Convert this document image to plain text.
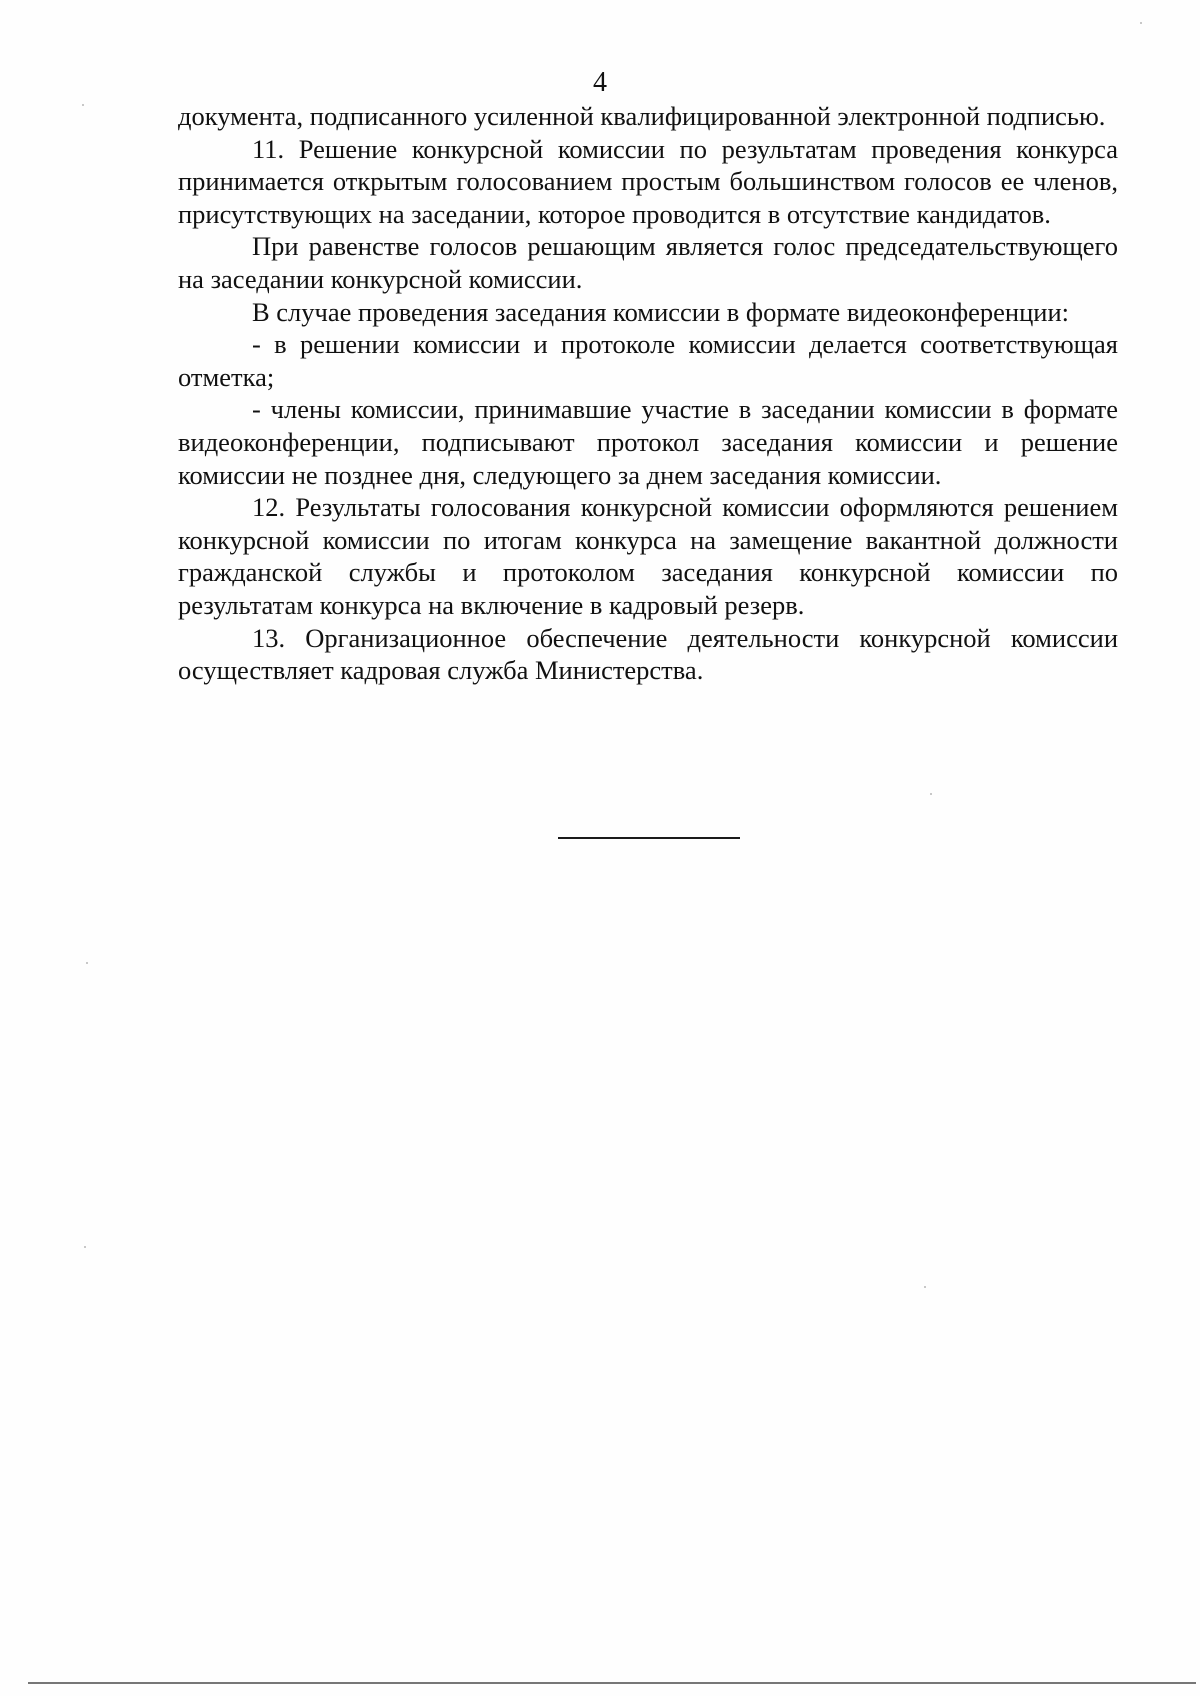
4

документа, подписанного усиленной квалифицированной электронной подписью.

11. Решение конкурсной комиссии по результатам проведения конкурса принимается открытым голосованием простым большинством голосов ее членов, присутствующих на заседании, которое проводится в отсутствие кандидатов.

При равенстве голосов решающим является голос председательствующего на заседании конкурсной комиссии.

В случае проведения заседания комиссии в формате видеоконференции:

- в решении комиссии и протоколе комиссии делается соответствующая отметка;

- члены комиссии, принимавшие участие в заседании комиссии в формате видеоконференции, подписывают протокол заседания комиссии и решение комиссии не позднее дня, следующего за днем заседания комиссии.

12. Результаты голосования конкурсной комиссии оформляются решением конкурсной комиссии по итогам конкурса на замещение вакантной должности гражданской службы и протоколом заседания конкурсной комиссии по результатам конкурса на включение в кадровый резерв.

13. Организационное обеспечение деятельности конкурсной комиссии осуществляет кадровая служба Министерства.
